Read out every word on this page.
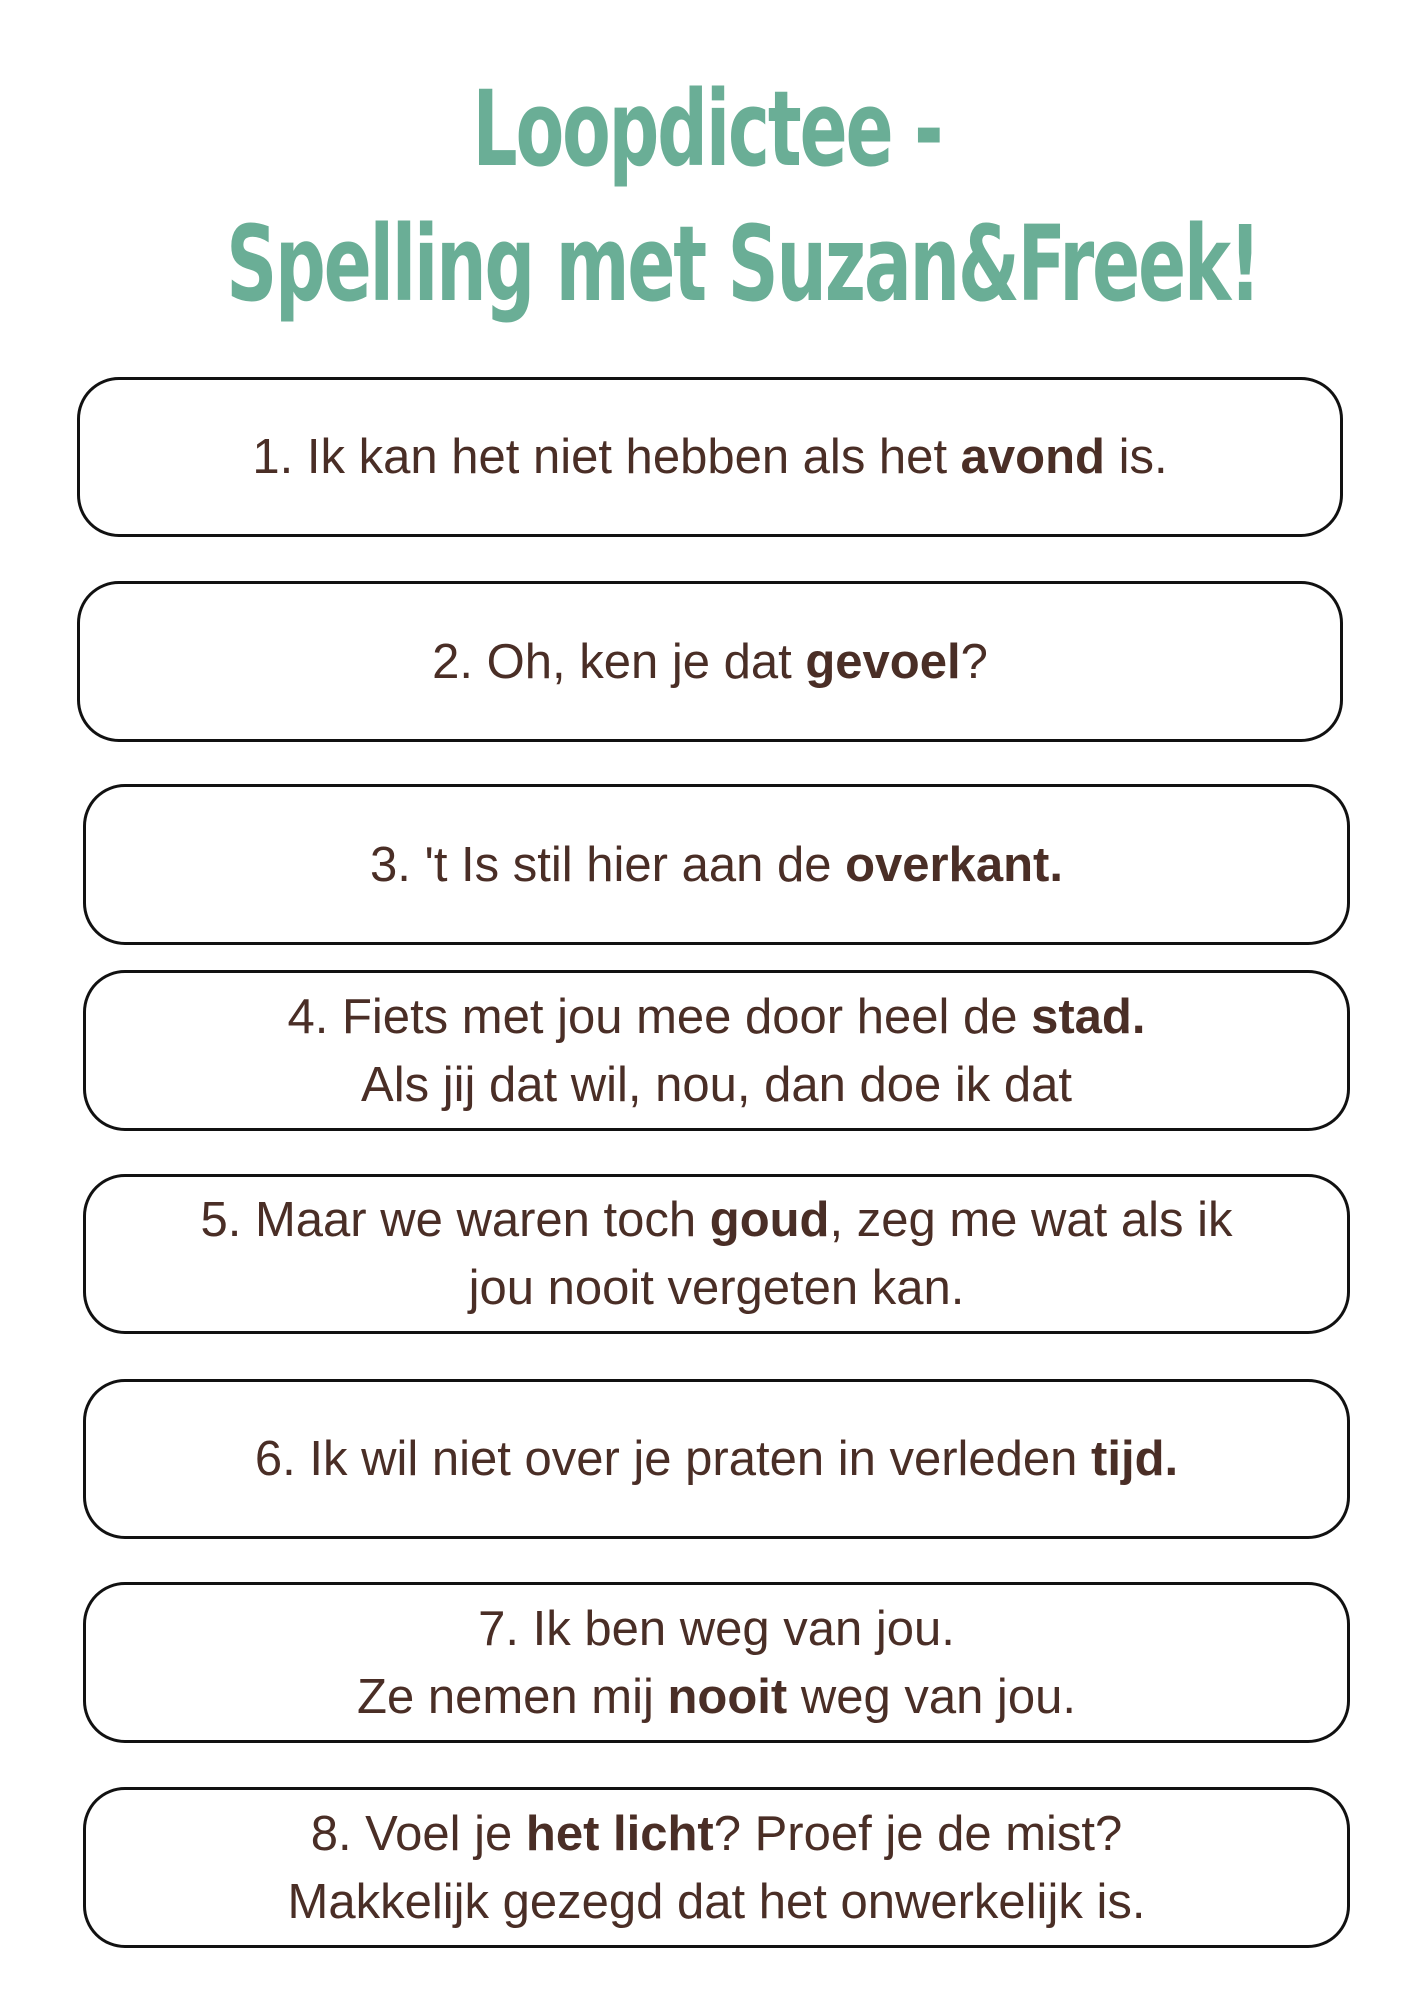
Loopdictee -
Spelling met Suzan&Freek!
1. Ik kan het niet hebben als het avond is.
2. Oh, ken je dat gevoel?
3. 't Is stil hier aan de overkant.
4. Fiets met jou mee door heel de stad.
Als jij dat wil, nou, dan doe ik dat
5. Maar we waren toch goud, zeg me wat als ik
jou nooit vergeten kan.
6. Ik wil niet over je praten in verleden tijd.
7. Ik ben weg van jou.
Ze nemen mij nooit weg van jou.
8. Voel je het licht? Proef je de mist?
Makkelijk gezegd dat het onwerkelijk is.
